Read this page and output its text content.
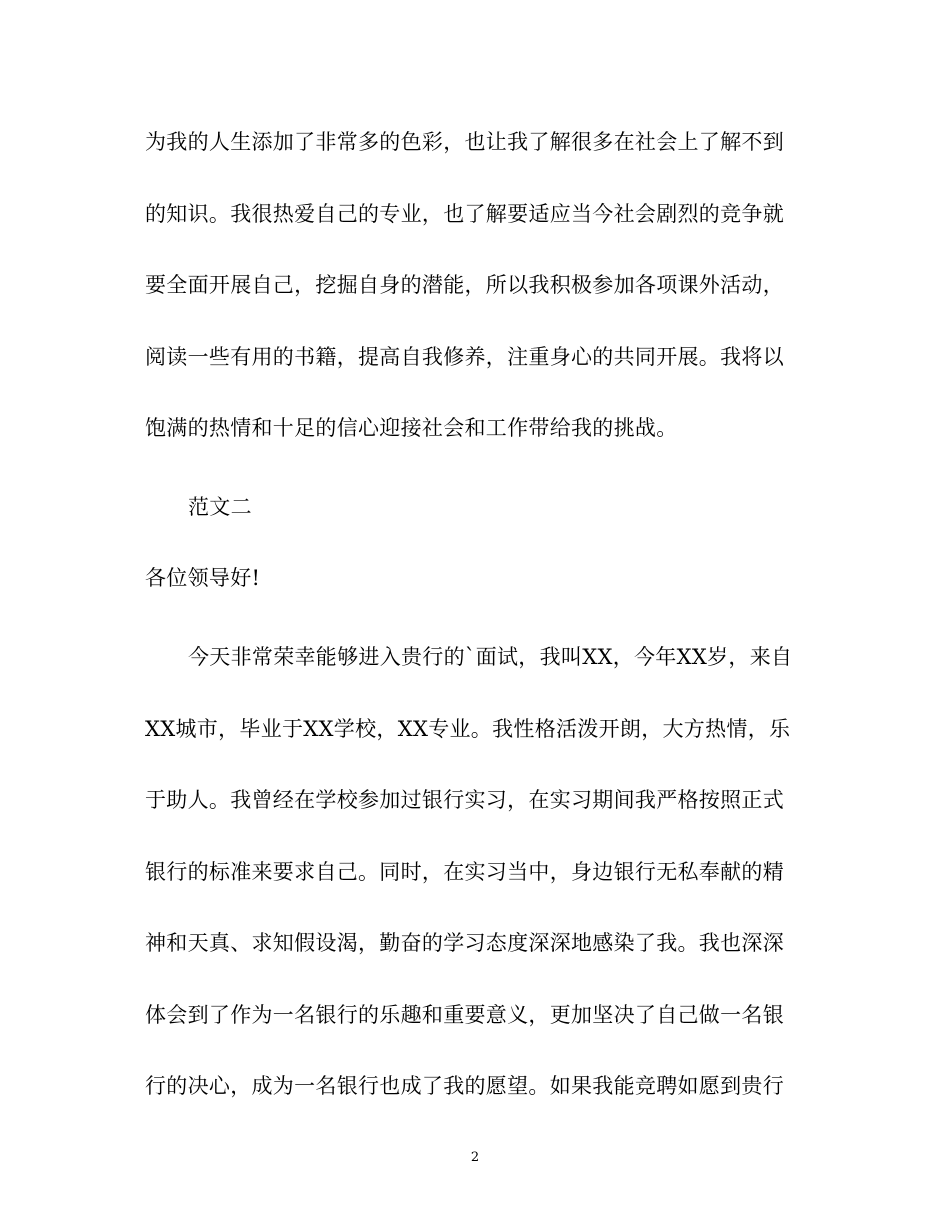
为我的人生添加了非常多的色彩，也让我了解很多在社会上了解不到
的知识。我很热爱自己的专业，也了解要适应当今社会剧烈的竞争就
要全面开展自己，挖掘自身的潜能，所以我积极参加各项课外活动，
阅读一些有用的书籍，提高自我修养，注重身心的共同开展。我将以
饱满的热情和十足的信心迎接社会和工作带给我的挑战。
范文二
各位领导好!
今天非常荣幸能够进入贵行的`面试，我叫XX，今年XX岁，来自
XX城市，毕业于XX学校，XX专业。我性格活泼开朗，大方热情，乐
于助人。我曾经在学校参加过银行实习，在实习期间我严格按照正式
银行的标准来要求自己。同时，在实习当中，身边银行无私奉献的精
神和天真、求知假设渴，勤奋的学习态度深深地感染了我。我也深深
体会到了作为一名银行的乐趣和重要意义，更加坚决了自己做一名银
行的决心，成为一名银行也成了我的愿望。如果我能竞聘如愿到贵行
2
